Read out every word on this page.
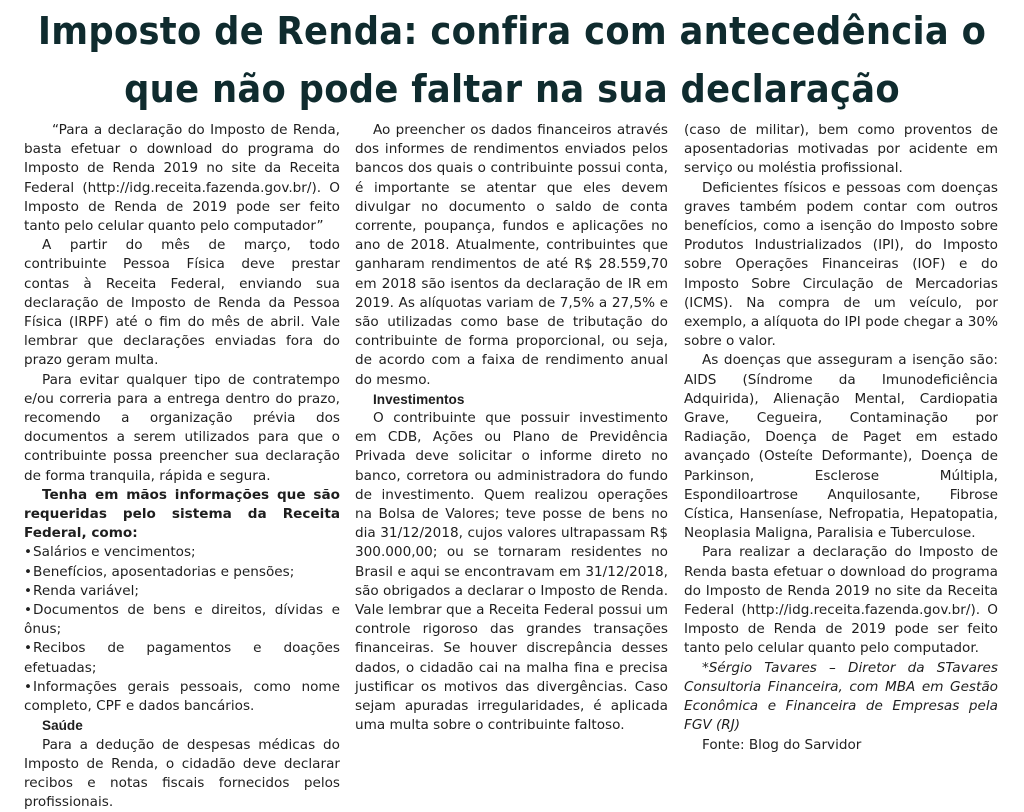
Imposto de Renda: confira com antecedência o
que não pode faltar na sua declaração

“Para a declaração do Imposto de Renda, basta efetuar o download do programa do Imposto de Renda 2019 no site da Receita Federal (http://idg.receita.fazenda.gov.br/). O Imposto de Renda de 2019 pode ser feito tanto pelo celular quanto pelo computador”

A partir do mês de março, todo contribuinte Pessoa Física deve prestar contas à Receita Federal, enviando sua declaração de Imposto de Renda da Pessoa Física (IRPF) até o fim do mês de abril. Vale lembrar que declarações enviadas fora do prazo geram multa.

Para evitar qualquer tipo de contratempo e/ou correria para a entrega dentro do prazo, recomendo a organização prévia dos documentos a serem utilizados para que o contribuinte possa preencher sua declaração de forma tranquila, rápida e segura.

Tenha em mãos informações que são requeridas pelo sistema da Receita Federal, como:

•Salários e vencimentos;
•Benefícios, aposentadorias e pensões;
•Renda variável;
•Documentos de bens e direitos, dívidas e ônus;
•Recibos de pagamentos e doações efetuadas;
•Informações gerais pessoais, como nome completo, CPF e dados bancários.
Saúde

Para a dedução de despesas médicas do Imposto de Renda, o cidadão deve declarar recibos e notas fiscais fornecidos pelos profissionais.

Ao preencher os dados financeiros através dos informes de rendimentos enviados pelos bancos dos quais o contribuinte possui conta, é importante se atentar que eles devem divulgar no documento o saldo de conta corrente, poupança, fundos e aplicações no ano de 2018. Atualmente, contribuintes que ganharam rendimentos de até R$ 28.559,70 em 2018 são isentos da declaração de IR em 2019. As alíquotas variam de 7,5% a 27,5% e são utilizadas como base de tributação do contribuinte de forma proporcional, ou seja, de acordo com a faixa de rendimento anual do mesmo.

Investimentos

O contribuinte que possuir investimento em CDB, Ações ou Plano de Previdência Privada deve solicitar o informe direto no banco, corretora ou administradora do fundo de investimento. Quem realizou operações na Bolsa de Valores; teve posse de bens no dia 31/12/2018, cujos valores ultrapassam R$ 300.000,00; ou se tornaram residentes no Brasil e aqui se encontravam em 31/12/2018, são obrigados a declarar o Imposto de Renda. Vale lembrar que a Receita Federal possui um controle rigoroso das grandes transações financeiras. Se houver discrepância desses dados, o cidadão cai na malha fina e precisa justificar os motivos das divergências. Caso sejam apuradas irregularidades, é aplicada uma multa sobre o contribuinte faltoso.

(caso de militar), bem como proventos de aposentadorias motivadas por acidente em serviço ou moléstia profissional.

Deficientes físicos e pessoas com doenças graves também podem contar com outros benefícios, como a isenção do Imposto sobre Produtos Industrializados (IPI), do Imposto sobre Operações Financeiras (IOF) e do Imposto Sobre Circulação de Mercadorias (ICMS). Na compra de um veículo, por exemplo, a alíquota do IPI pode chegar a 30% sobre o valor.

As doenças que asseguram a isenção são: AIDS (Síndrome da Imunodeficiência Adquirida), Alienação Mental, Cardiopatia Grave, Cegueira, Contaminação por Radiação, Doença de Paget em estado avançado (Osteíte Deformante), Doença de Parkinson, Esclerose Múltipla, Espondiloartrose Anquilosante, Fibrose Cística, Hanseníase, Nefropatia, Hepatopatia, Neoplasia Maligna, Paralisia e Tuberculose.

Para realizar a declaração do Imposto de Renda basta efetuar o download do programa do Imposto de Renda 2019 no site da Receita Federal (http://idg.receita.fazenda.gov.br/). O Imposto de Renda de 2019 pode ser feito tanto pelo celular quanto pelo computador.

*Sérgio Tavares – Diretor da STavares Consultoria Financeira, com MBA em Gestão Econômica e Financeira de Empresas pela FGV (RJ)

Fonte: Blog do Sarvidor
